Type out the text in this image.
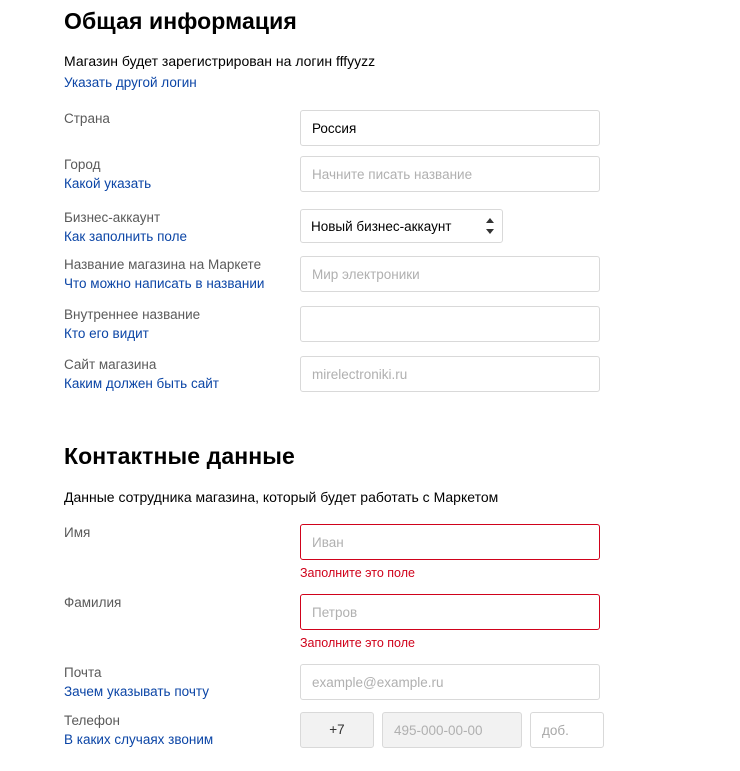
Общая информация
Магазин будет зарегистрирован на логин fffyyzz
Указать другой логин
Страна
Россия
Город
Какой указать
Начните писать название
Бизнес-аккаунт
Как заполнить поле
Новый бизнес-аккаунт
Название магазина на Маркете
Что можно написать в названии
Мир электроники
Внутреннее название
Кто его видит
Сайт магазина
Каким должен быть сайт
mirelectroniki.ru
Контактные данные
Данные сотрудника магазина, который будет работать с Маркетом
Имя
Иван
Заполните это поле
Фамилия
Петров
Заполните это поле
Почта
Зачем указывать почту
example@example.ru
Телефон
В каких случаях звоним
+7
495-000-00-00
доб.
